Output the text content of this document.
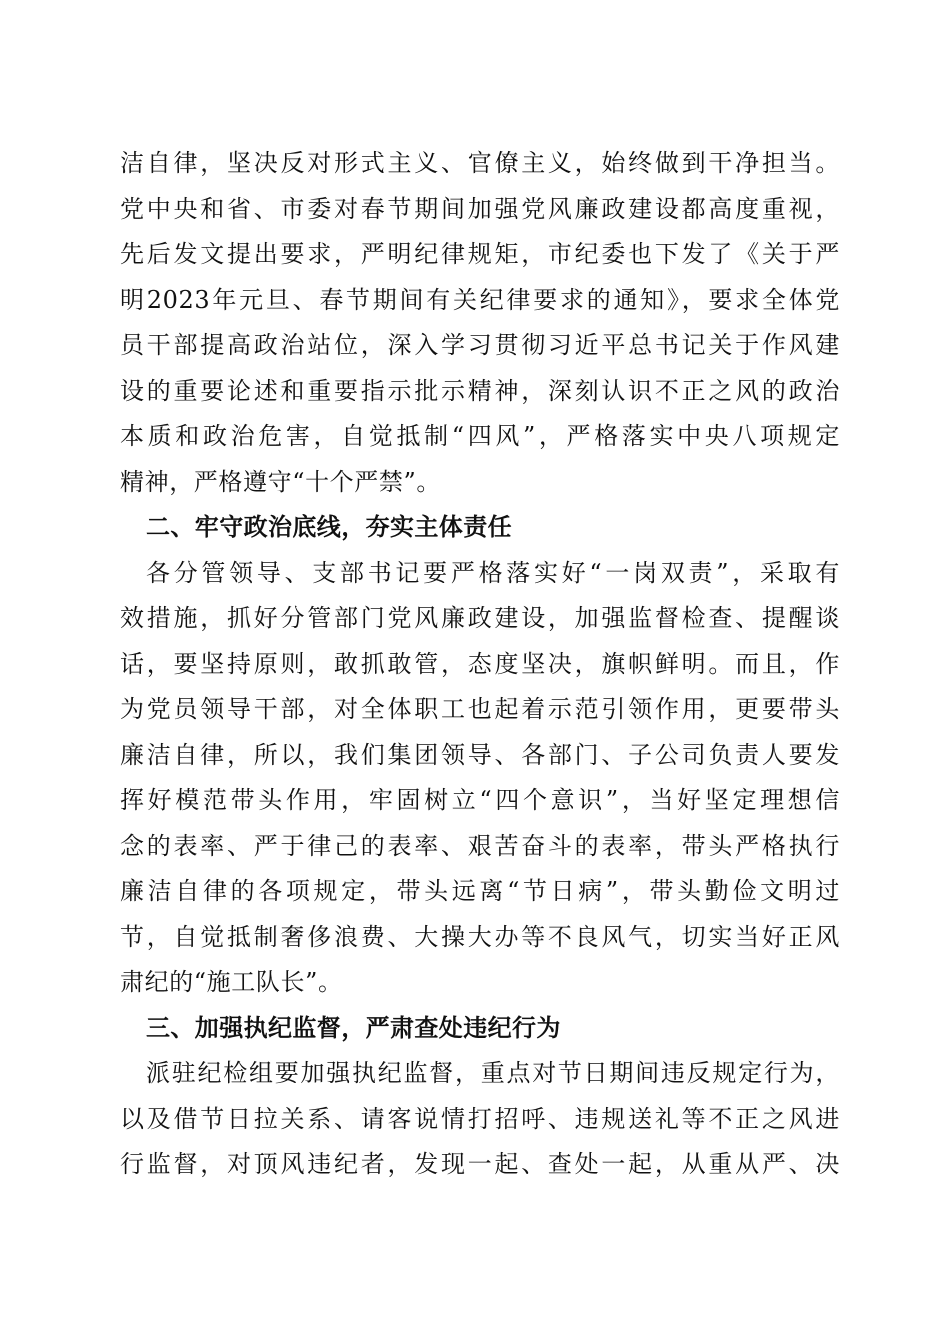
洁自律，坚决反对形式主义、官僚主义，始终做到干净担当。
党中央和省、市委对春节期间加强党风廉政建设都高度重视，
先后发文提出要求，严明纪律规矩，市纪委也下发了《关于严
明2023年元旦、春节期间有关纪律要求的通知》，要求全体党
员干部提高政治站位，深入学习贯彻习近平总书记关于作风建
设的重要论述和重要指示批示精神，深刻认识不正之风的政治
本质和政治危害，自觉抵制“四风”，严格落实中央八项规定
精神，严格遵守“十个严禁”。
二、牢守政治底线，夯实主体责任
各分管领导、支部书记要严格落实好“一岗双责”，采取有
效措施，抓好分管部门党风廉政建设，加强监督检查、提醒谈
话，要坚持原则，敢抓敢管，态度坚决，旗帜鲜明。而且，作
为党员领导干部，对全体职工也起着示范引领作用，更要带头
廉洁自律，所以，我们集团领导、各部门、子公司负责人要发
挥好模范带头作用，牢固树立“四个意识”，当好坚定理想信
念的表率、严于律己的表率、艰苦奋斗的表率，带头严格执行
廉洁自律的各项规定，带头远离“节日病”，带头勤俭文明过
节，自觉抵制奢侈浪费、大操大办等不良风气，切实当好正风
肃纪的“施工队长”。
三、加强执纪监督，严肃查处违纪行为
派驻纪检组要加强执纪监督，重点对节日期间违反规定行为，
以及借节日拉关系、请客说情打招呼、违规送礼等不正之风进
行监督，对顶风违纪者，发现一起、查处一起，从重从严、决
